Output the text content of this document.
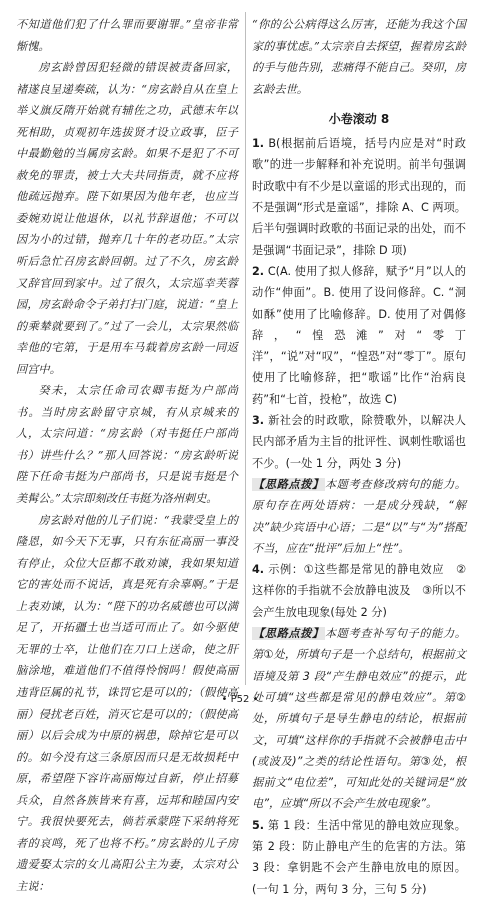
不知道他们犯了什么罪而要谢罪。”皇帝非常惭愧。

房玄龄曾因犯轻微的错误被责备回家，褚遂良呈递奏疏，认为：“房玄龄自从在皇上举义旗反隋开始就有辅佐之功，武德末年以死相助，贞观初年选拔贤才设立政事，臣子中最勤勉的当属房玄龄。如果不是犯了不可赦免的罪责，被士大夫共同指责，就不应将他疏远抛弃。陛下如果因为他年老，也应当委婉劝说让他退休，以礼节辞退他；不可以因为小的过错，抛弃几十年的老功臣。”太宗听后急忙召房玄龄回朝。过了不久，房玄龄又辞官回到家中。过了很久，太宗巡幸芙蓉园，房玄龄命令子弟打扫门庭，说道：“皇上的乘辇就要到了。”过了一会儿，太宗果然临幸他的宅第，于是用车马载着房玄龄一同返回宫中。

癸未，太宗任命司农卿韦挺为户部尚书。当时房玄龄留守京城，有从京城来的人，太宗问道：“房玄龄（对韦挺任户部尚书）讲些什么？”那人回答说：“房玄龄听说陛下任命韦挺为户部尚书，只是说韦挺是个美髯公。”太宗即刻改任韦挺为洛州刺史。

房玄龄对他的儿子们说：“我蒙受皇上的隆恩，如今天下无事，只有东征高丽一事没有停止，众位大臣都不敢劝谏，我如果知道它的害处而不说话，真是死有余辜啊。”于是上表劝谏，认为：“陛下的功名威德也可以满足了，开拓疆土也当适可而止了。如今驱使无罪的士卒，让他们在刀口上送命，使之肝脑涂地，难道他们不值得怜悯吗！假使高丽违背臣属的礼节，诛罚它是可以的；（假使高丽）侵扰老百姓，消灭它是可以的；（假使高丽）以后会成为中原的祸患，除掉它是可以的。如今没有这三条原因而只是无故损耗中原，希望陛下容许高丽悔过自新，停止招募兵众，自然各族皆来有喜，远邦和睦国内安宁。我很快要死去，倘若承蒙陛下采纳将死者的哀鸣，死了也将不朽。”房玄龄的儿子房遗爱娶太宗的女儿高阳公主为妻，太宗对公主说：

“你的公公病得这么厉害，还能为我这个国家的事忧虑。”太宗亲自去探望，握着房玄龄的手与他告别，悲痛得不能自己。癸卯，房玄龄去世。

小卷滚动 8

1. B(根据前后语境，括号内应是对“时政歌”的进一步解释和补充说明。前半句强调时政歌中有不少是以童谣的形式出现的，而不是强调“形式是童谣”，排除 A、C 两项。后半句强调时政歌的书面记录的出处，而不是强调“书面记录”，排除 D 项)

2. C(A. 使用了拟人修辞，赋予“月”以人的动作“伸面”。B. 使用了设问修辞。C. “洞如酥”使用了比喻修辞。D. 使用了对偶修辞，“惶恐滩”对“零丁洋”，“说”对“叹”，“惶恐”对“零丁”。原句使用了比喻修辞，把“歌谣”比作“治病良药”和“七首，投枪”，故选 C)

3. 新社会的时政歌，除赞歌外，以解决人民内部矛盾为主旨的批评性、讽刺性歌谣也不少。(一处 1 分，两处 3 分)

【思路点拨】本题考查修改病句的能力。原句存在两处语病：一是成分残缺，“解决”缺少宾语中心语；二是“以”与“为”搭配不当，应在“批评”后加上“性”。

4. 示例：①这些都是常见的静电效应　②这样你的手指就不会放静电波及　③所以不会产生放电现象(每处 2 分)

【思路点拨】本题考查补写句子的能力。第①处，所填句子是一个总结句，根据前文语境及第 3 段“产生静电效应”的提示，此处可填“这些都是常见的静电效应”。第②处，所填句子是导生静电的结论，根据前文，可填“这样你的手指就不会被静电击中(或波及)”之类的结论性语句。第③处，根据前文“电位差”，可知此处的关键词是“放电”，应填“所以不会产生放电现象”。

5. 第 1 段：生活中常见的静电效应现象。第 2 段：防止静电产生的危害的方法。第 3 段：拿钥匙不会产生静电放电的原因。(一句 1 分，两句 3 分，三句 5 分)

• P52 •
